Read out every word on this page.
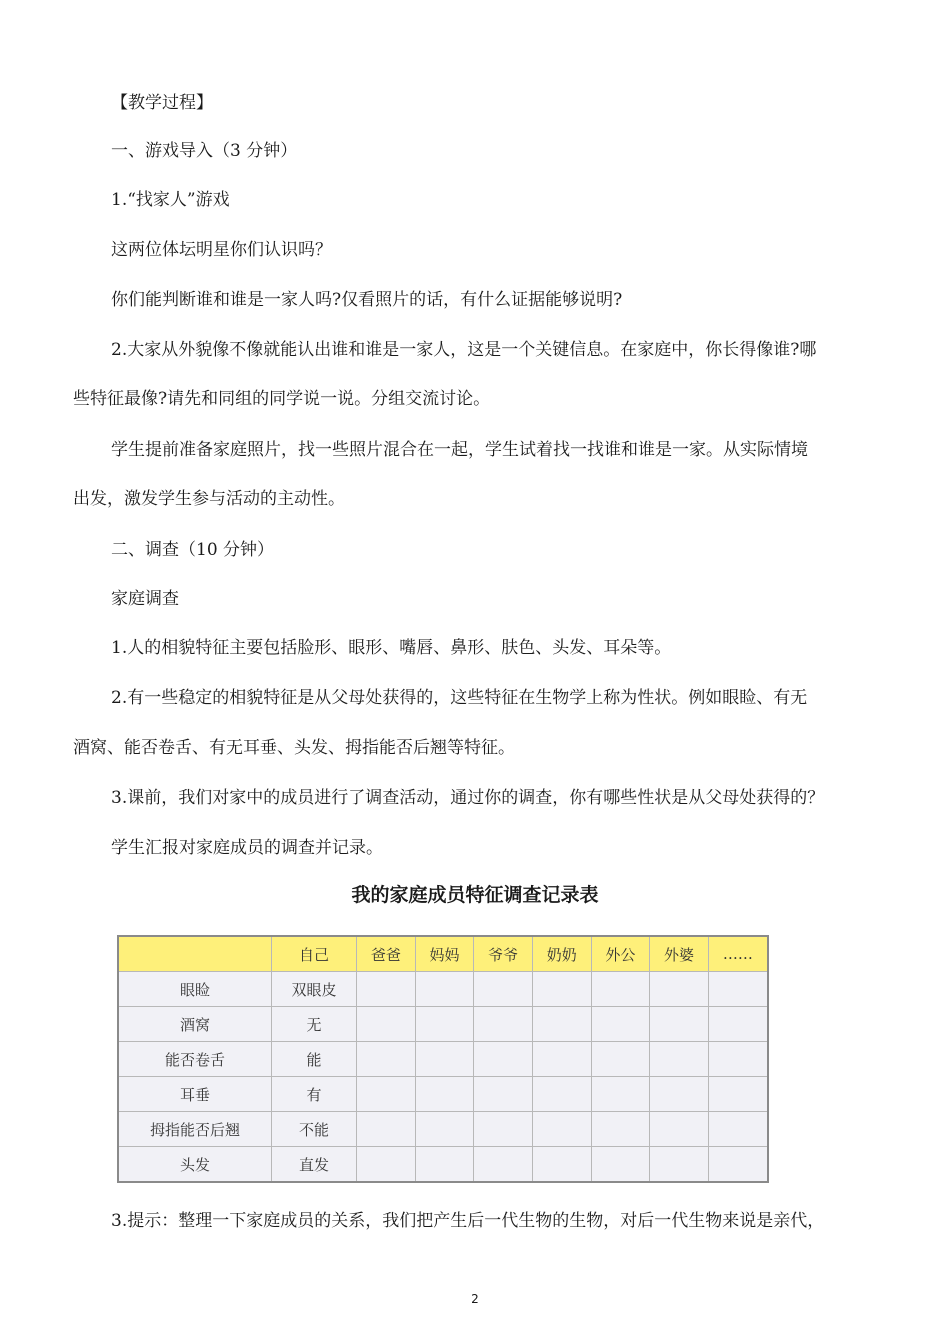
【教学过程】
一、游戏导入（3 分钟）
1.“找家人”游戏
这两位体坛明星你们认识吗？
你们能判断谁和谁是一家人吗?仅看照片的话，有什么证据能够说明?
2.大家从外貌像不像就能认出谁和谁是一家人，这是一个关键信息。在家庭中，你长得像谁?哪
些特征最像?请先和同组的同学说一说。分组交流讨论。
学生提前准备家庭照片，找一些照片混合在一起，学生试着找一找谁和谁是一家。从实际情境
出发，激发学生参与活动的主动性。
二、调查（10 分钟）
家庭调查
1.人的相貌特征主要包括脸形、眼形、嘴唇、鼻形、肤色、头发、耳朵等。
2.有一些稳定的相貌特征是从父母处获得的，这些特征在生物学上称为性状。例如眼睑、有无
酒窝、能否卷舌、有无耳垂、头发、拇指能否后翘等特征。
3.课前，我们对家中的成员进行了调查活动，通过你的调查，你有哪些性状是从父母处获得的？
学生汇报对家庭成员的调查并记录。
我的家庭成员特征调查记录表
	自己	爸爸	妈妈	爷爷	奶奶	外公	外婆	……
眼睑	双眼皮							
酒窝	无							
能否卷舌	能							
耳垂	有							
拇指能否后翘	不能							
头发	直发							
3.提示：整理一下家庭成员的关系，我们把产生后一代生物的生物，对后一代生物来说是亲代，
2
